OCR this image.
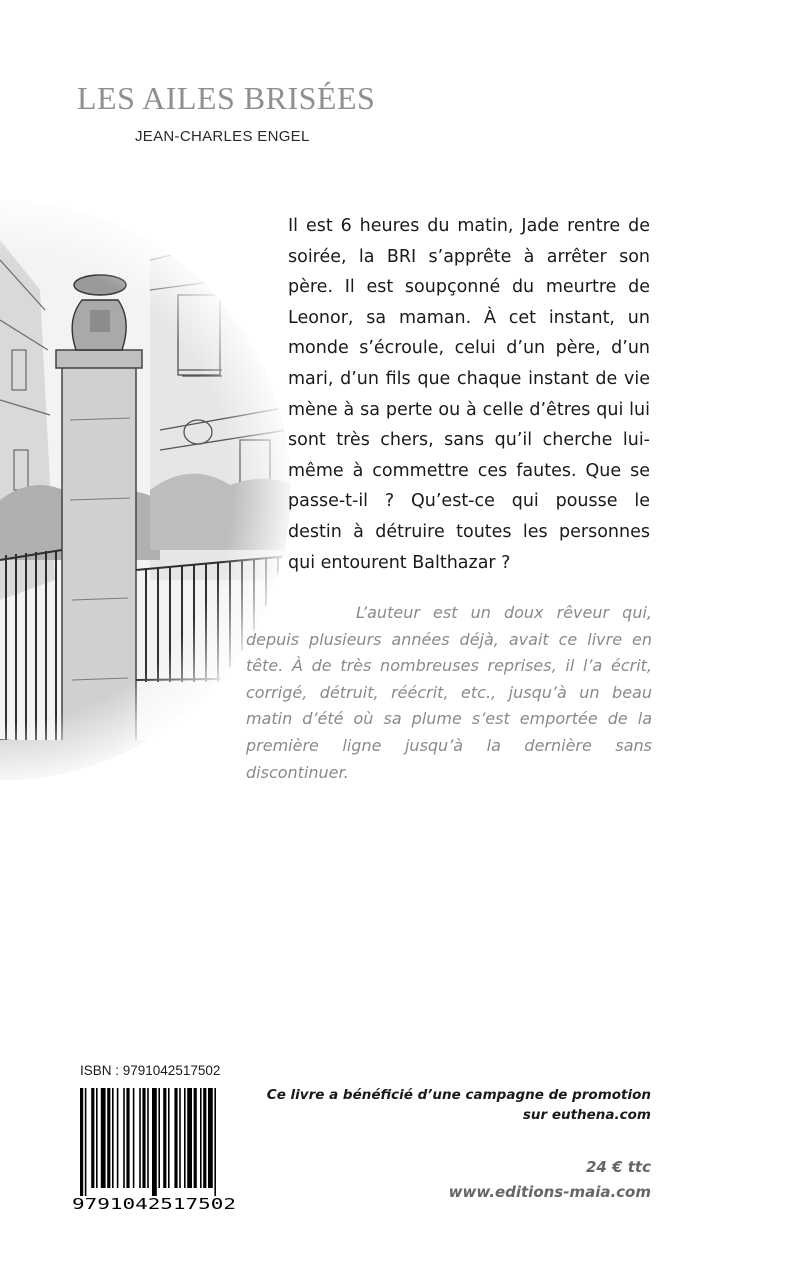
LES AILES BRISÉES
JEAN-CHARLES ENGEL
Il est 6 heures du matin, Jade rentre de soirée, la BRI s’apprête à arrêter son père. Il est soupçonné du meurtre de Leonor, sa maman. À cet instant, un monde s’écroule, celui d’un père, d’un mari, d’un fils que chaque instant de vie mène à sa perte ou à celle d’êtres qui lui sont très chers, sans qu’il cherche lui-même à commettre ces fautes. Que se passe-t-il ? Qu’est-ce qui pousse le destin à détruire toutes les personnes qui entourent Balthazar ?
L’auteur est un doux rêveur qui, depuis plusieurs années déjà, avait ce livre en tête. À de très nombreuses reprises, il l’a écrit, corrigé, détruit, réécrit, etc., jusqu’à un beau matin d’été où sa plume s’est emportée de la première ligne jusqu’à la dernière sans discontinuer.
ISBN : 9791042517502
9791042517502
Ce livre a bénéficié d’une campagne de promotion
sur euthena.com
24 € ttc
www.editions-maia.com
